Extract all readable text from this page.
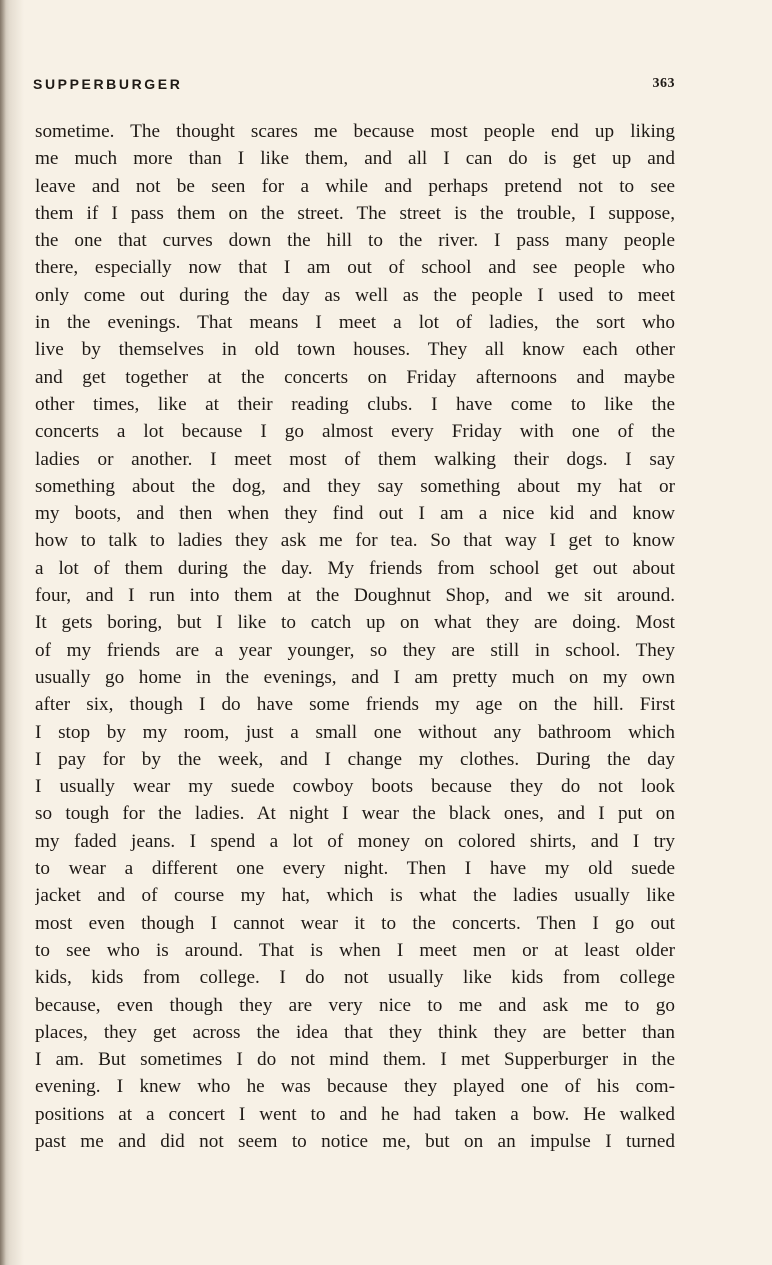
SUPPERBURGER	363
sometime. The thought scares me because most people end up liking
me much more than I like them, and all I can do is get up and
leave and not be seen for a while and perhaps pretend not to see
them if I pass them on the street. The street is the trouble, I suppose,
the one that curves down the hill to the river. I pass many people
there, especially now that I am out of school and see people who
only come out during the day as well as the people I used to meet
in the evenings. That means I meet a lot of ladies, the sort who
live by themselves in old town houses. They all know each other
and get together at the concerts on Friday afternoons and maybe
other times, like at their reading clubs. I have come to like the
concerts a lot because I go almost every Friday with one of the
ladies or another. I meet most of them walking their dogs. I say
something about the dog, and they say something about my hat or
my boots, and then when they find out I am a nice kid and know
how to talk to ladies they ask me for tea. So that way I get to know
a lot of them during the day. My friends from school get out about
four, and I run into them at the Doughnut Shop, and we sit around.
It gets boring, but I like to catch up on what they are doing. Most
of my friends are a year younger, so they are still in school. They
usually go home in the evenings, and I am pretty much on my own
after six, though I do have some friends my age on the hill. First
I stop by my room, just a small one without any bathroom which
I pay for by the week, and I change my clothes. During the day
I usually wear my suede cowboy boots because they do not look
so tough for the ladies. At night I wear the black ones, and I put on
my faded jeans. I spend a lot of money on colored shirts, and I try
to wear a different one every night. Then I have my old suede
jacket and of course my hat, which is what the ladies usually like
most even though I cannot wear it to the concerts. Then I go out
to see who is around. That is when I meet men or at least older
kids, kids from college. I do not usually like kids from college
because, even though they are very nice to me and ask me to go
places, they get across the idea that they think they are better than
I am. But sometimes I do not mind them. I met Supperburger in the
evening. I knew who he was because they played one of his com-
positions at a concert I went to and he had taken a bow. He walked
past me and did not seem to notice me, but on an impulse I turned
